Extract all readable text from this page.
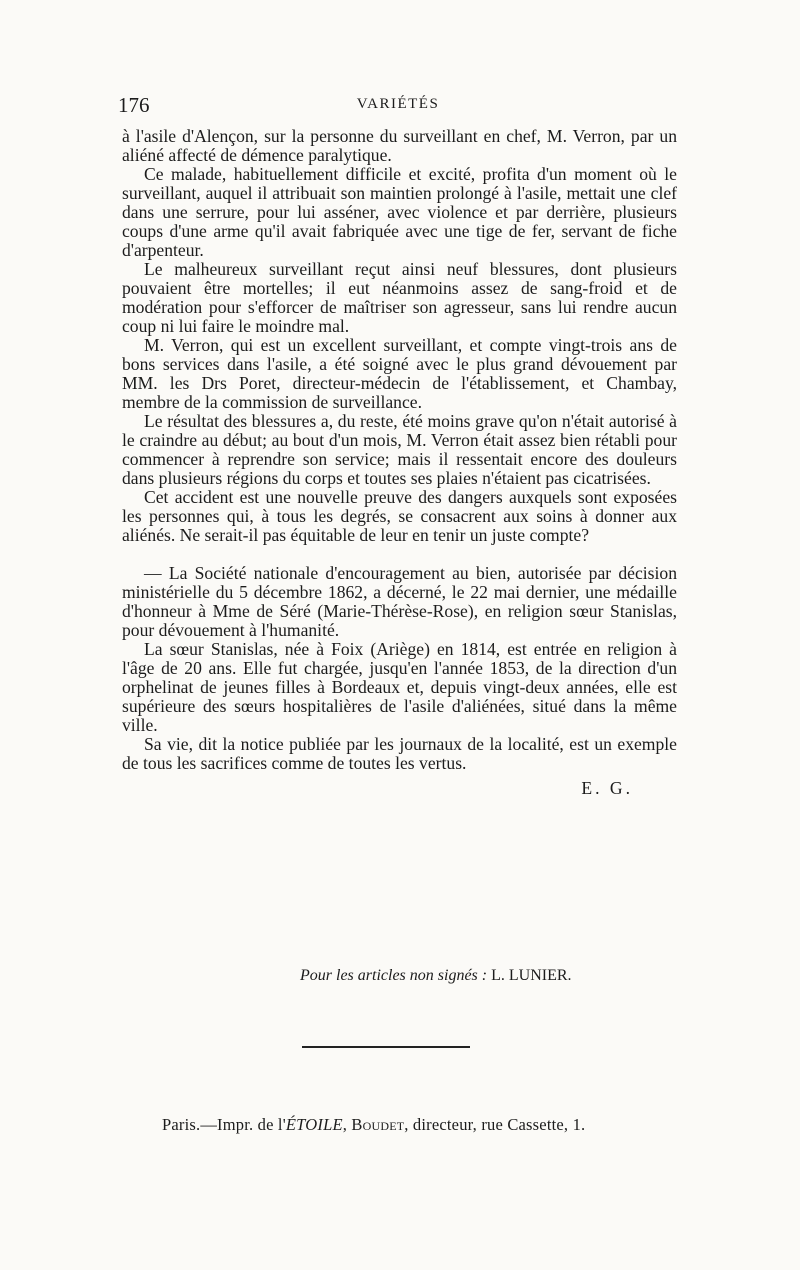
176	VARIÉTÉS

à l'asile d'Alençon, sur la personne du surveillant en chef, M. Verron, par un aliéné affecté de démence paralytique.

Ce malade, habituellement difficile et excité, profita d'un moment où le surveillant, auquel il attribuait son maintien prolongé à l'asile, mettait une clef dans une serrure, pour lui asséner, avec violence et par derrière, plusieurs coups d'une arme qu'il avait fabriquée avec une tige de fer, servant de fiche d'arpenteur.

Le malheureux surveillant reçut ainsi neuf blessures, dont plusieurs pouvaient être mortelles; il eut néanmoins assez de sang-froid et de modération pour s'efforcer de maîtriser son agresseur, sans lui rendre aucun coup ni lui faire le moindre mal.

M. Verron, qui est un excellent surveillant, et compte vingt-trois ans de bons services dans l'asile, a été soigné avec le plus grand dévouement par MM. les Drs Poret, directeur-médecin de l'établissement, et Chambay, membre de la commission de surveillance.

Le résultat des blessures a, du reste, été moins grave qu'on n'était autorisé à le craindre au début; au bout d'un mois, M. Verron était assez bien rétabli pour commencer à reprendre son service; mais il ressentait encore des douleurs dans plusieurs régions du corps et toutes ses plaies n'étaient pas cicatrisées.

Cet accident est une nouvelle preuve des dangers auxquels sont exposées les personnes qui, à tous les degrés, se consacrent aux soins à donner aux aliénés. Ne serait-il pas équitable de leur en tenir un juste compte?

— La Société nationale d'encouragement au bien, autorisée par décision ministérielle du 5 décembre 1862, a décerné, le 22 mai dernier, une médaille d'honneur à Mme de Séré (Marie-Thérèse-Rose), en religion sœur Stanislas, pour dévouement à l'humanité.

La sœur Stanislas, née à Foix (Ariège) en 1814, est entrée en religion à l'âge de 20 ans. Elle fut chargée, jusqu'en l'année 1853, de la direction d'un orphelinat de jeunes filles à Bordeaux et, depuis vingt-deux années, elle est supérieure des sœurs hospitalières de l'asile d'aliénées, situé dans la même ville.

Sa vie, dit la notice publiée par les journaux de la localité, est un exemple de tous les sacrifices comme de toutes les vertus.

E. G.
Pour les articles non signés : L. LUNIER.
Paris.—Impr. de l'ÉTOILE, Boudet, directeur, rue Cassette, 1.
